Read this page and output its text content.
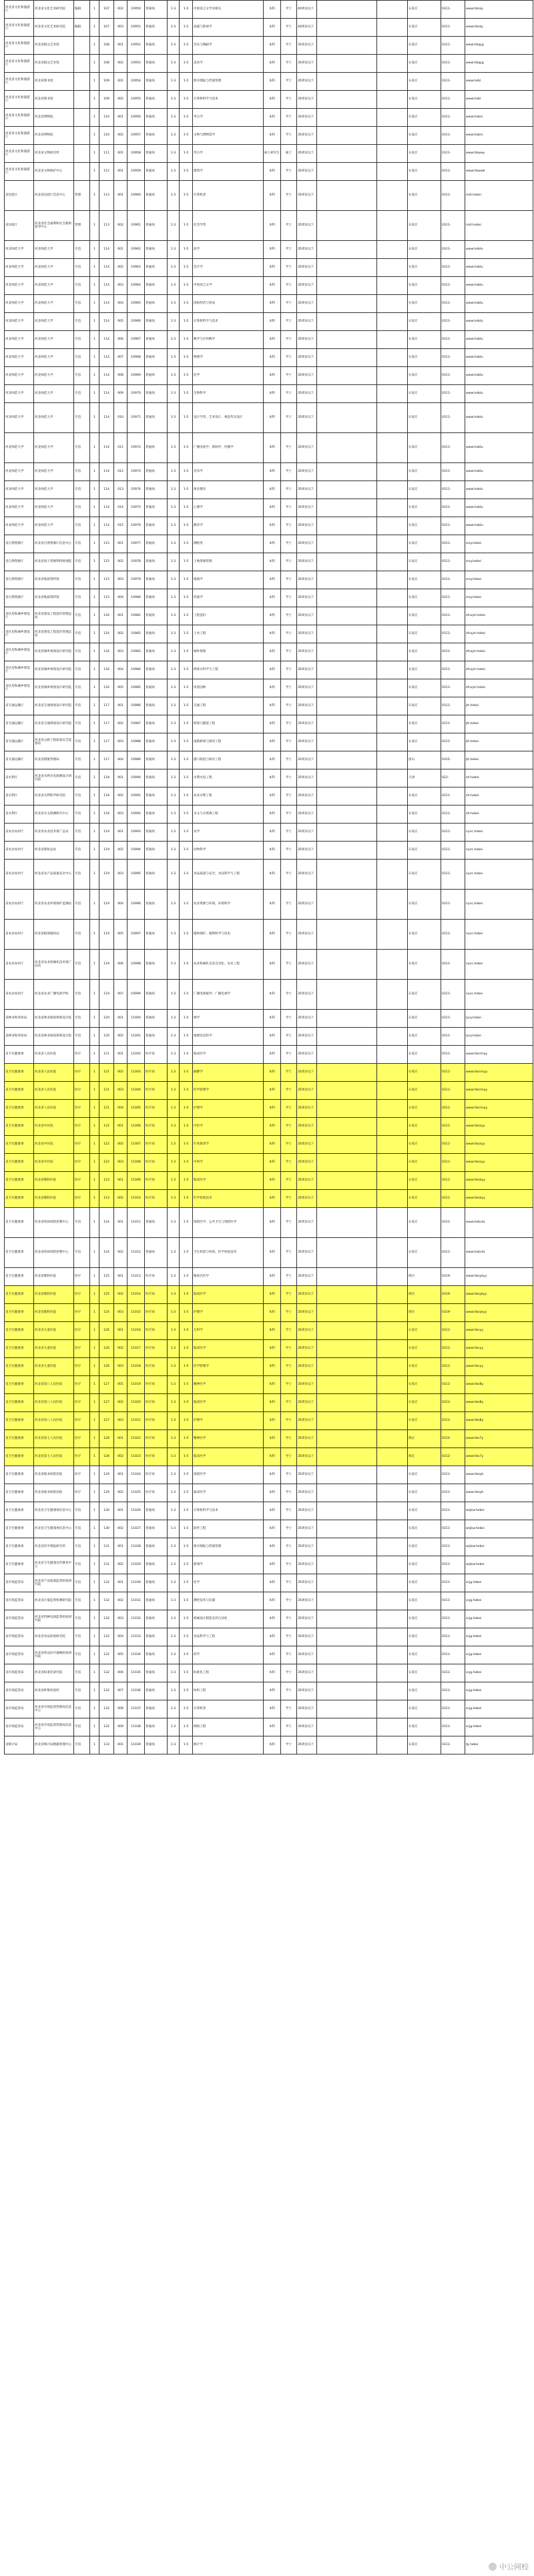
河北省文化和旅游厅	河北省文化艺术研究院	编辑	1	107	002	10950	普通岗	1:3	1-5	中国语言文学及相关	本科	学士	40周岁以下			石家庄	0311-	www.hbsky
河北省文化和旅游厅	河北省文化艺术研究院	编辑	1	107	003	10951	普通岗	1:3	1-5	戏剧与影视学	本科	学士	40周岁以下			石家庄	0311-	www.hbsky
河北省文化和旅游厅	河北省群众艺术馆		1	108	001	10952	普通岗	1:3	1-5	音乐与舞蹈学	本科	学士	35周岁以下			石家庄	0311-	www.hbqyg
河北省文化和旅游厅	河北省群众艺术馆		1	108	002	10953	普通岗	1:3	1-5	美术学	本科	学士	35周岁以下			石家庄	0311-	www.hbqyg
河北省文化和旅游厅	河北省图书馆		1	109	001	10954	普通岗	1:3	1-5	图书情报与档案管理	本科	学士	35周岁以下			石家庄	0311-	www.hebl
河北省文化和旅游厅	河北省图书馆		1	109	002	10955	普通岗	1:3	1-5	计算机科学与技术	本科	学士	35周岁以下			石家庄	0311-	www.hebl
河北省文化和旅游厅	河北省博物院		1	110	001	10956	普通岗	1:3	1-5	考古学	本科	学士	35周岁以下			石家庄	0311-	www.hebm
河北省文化和旅游厅	河北省博物院		1	110	002	10957	普通岗	1:3	1-5	文物与博物馆学	本科	学士	35周岁以下			石家庄	0311-	www.hebm
河北省文化和旅游厅	河北省文物研究所		1	111	001	10958	普通岗	1:3	1-5	考古学	硕士研究生	硕士	35周岁以下			石家庄	0311-	www.hbwwy
河北省文化和旅游厅	河北省文物保护中心		1	112	001	10959	普通岗	1:3	1-5	建筑学	本科	学士	35周岁以下			石家庄	0311-	www.hbwwb
省民政厅	河北省民政厅信息中心	管理	1	113	001	10960	普通岗	1:3	1-5	计算机类	本科	学士	35周岁以下			石家庄	0311-	mzt.hebei
省民政厅	河北省社会福利和社会救助指导中心	管理	1	113	002	10961	普通岗	1:3	1-5	社会学类	本科	学士	35周岁以下			石家庄	0311-	mzt.hebei
河北师范大学	河北师范大学	专技	1	114	001	10962	普通岗	1:3	1-5	法学	本科	学士	35周岁以下			石家庄	0311-	www.hebtu
河北师范大学	河北师范大学	专技	1	114	002	10963	普通岗	1:3	1-5	会计学	本科	学士	35周岁以下			石家庄	0311-	www.hebtu
河北师范大学	河北师范大学	专技	1	114	003	10964	普通岗	1:3	1-5	中国语言文学	本科	学士	35周岁以下			石家庄	0311-	www.hebtu
河北师范大学	河北师范大学	专技	1	114	004	10965	普通岗	1:3	1-5	国际经济与贸易	本科	学士	35周岁以下			石家庄	0311-	www.hebtu
河北师范大学	河北师范大学	专技	1	114	005	10966	普通岗	1:3	1-5	计算机科学与技术	本科	学士	35周岁以下			石家庄	0311-	www.hebtu
河北师范大学	河北师范大学	专技	1	114	006	10967	普通岗	1:3	1-5	数学与应用数学	本科	学士	35周岁以下			石家庄	0311-	www.hebtu
河北师范大学	河北师范大学	专技	1	114	007	10968	普通岗	1:3	1-5	物理学	本科	学士	35周岁以下			石家庄	0311-	www.hebtu
河北师范大学	河北师范大学	专技	1	114	008	10969	普通岗	1:3	1-5	化学	本科	学士	35周岁以下			石家庄	0311-	www.hebtu
河北师范大学	河北师范大学	专技	1	114	009	10970	普通岗	1:3	1-5	生物科学	本科	学士	35周岁以下			石家庄	0311-	www.hebtu
河北师范大学	河北师范大学	专技	1	114	010	10971	普通岗	1:3	1-5	设计学类、艺术设计、视觉传达设计	本科	学士	35周岁以下			石家庄	0311-	www.hebtu
河北师范大学	河北师范大学	专技	1	114	011	10972	普通岗	1:3	1-5	广播电视学、新闻学、传播学	本科	学士	35周岁以下			石家庄	0311-	www.hebtu
河北师范大学	河北师范大学	专技	1	114	012	10973	普通岗	1:3	1-5	音乐学	本科	学士	35周岁以下			石家庄	0311-	www.hebtu
河北师范大学	河北师范大学	专技	1	114	013	10974	普通岗	1:3	1-5	体育教育	本科	学士	35周岁以下			石家庄	0311-	www.hebtu
河北师范大学	河北师范大学	专技	1	114	014	10975	普通岗	1:3	1-5	心理学	本科	学士	35周岁以下			石家庄	0311-	www.hebtu
河北师范大学	河北师范大学	专技	1	114	015	10976	普通岗	1:3	1-5	教育学	本科	学士	35周岁以下			石家庄	0311-	www.hebtu
省自然资源厅	河北省自然资源厅信息中心	专技	1	115	001	10977	普通岗	1:3	1-5	测绘类	本科	学士	35周岁以下			石家庄	0311-	zrzy.hebei
省自然资源厅	河北省国土资源利用规划院	专技	1	115	002	10978	普通岗	1:3	1-5	土地资源管理	本科	学士	35周岁以下			石家庄	0311-	zrzy.hebei
省自然资源厅	河北省地质资料馆	专技	1	115	003	10979	普通岗	1:3	1-5	地质学	本科	学士	35周岁以下			石家庄	0311-	zrzy.hebei
省自然资源厅	河北省地质资料馆	专技	1	115	004	10980	普通岗	1:3	1-5	档案学	本科	学士	35周岁以下			石家庄	0311-	zrzy.hebei
省住房和城乡建设厅	河北省建设工程造价管理总站	专技	1	116	001	10981	普通岗	1:3	1-5	工程造价	本科	学士	35周岁以下			石家庄	0311-	zfcxjst.hebei
省住房和城乡建设厅	河北省建设工程造价管理总站	专技	1	116	002	10982	普通岗	1:3	1-5	土木工程	本科	学士	35周岁以下			石家庄	0311-	zfcxjst.hebei
省住房和城乡建设厅	河北省城乡规划设计研究院	专技	1	116	003	10983	普通岗	1:3	1-5	城乡规划	本科	学士	35周岁以下			石家庄	0311-	zfcxjst.hebei
省住房和城乡建设厅	河北省城乡规划设计研究院	专技	1	116	004	10984	普通岗	1:3	1-5	给排水科学与工程	本科	学士	35周岁以下			石家庄	0311-	zfcxjst.hebei
省住房和城乡建设厅	河北省城乡规划设计研究院	专技	1	116	005	10985	普通岗	1:3	1-5	风景园林	本科	学士	35周岁以下			石家庄	0311-	zfcxjst.hebei
省交通运输厅	河北省交通规划设计研究院	专技	1	117	001	10986	普通岗	1:3	1-5	交通工程	本科	学士	35周岁以下			石家庄	0311-	jtt.hebei
省交通运输厅	河北省交通规划设计研究院	专技	1	117	002	10987	普通岗	1:3	1-5	桥梁与隧道工程	本科	学士	35周岁以下			石家庄	0311-	jtt.hebei
省交通运输厅	河北省公路工程质量安全监督站	专技	1	117	003	10988	普通岗	1:3	1-5	道路桥梁与渡河工程	本科	学士	35周岁以下			石家庄	0311-	jtt.hebei
省交通运输厅	河北省港航管理局	专技	1	117	004	10989	普通岗	1:3	1-5	港口航道与海岸工程	本科	学士	35周岁以下			唐山	0315-	jtt.hebei
省水利厅	河北省水利水电勘测设计研究院	专技	1	118	001	10990	普通岗	1:3	1-5	水利水电工程	本科	学士	35周岁以下			天津	022-	slt.hebei
省水利厅	河北省水利科学研究院	专技	1	118	002	10991	普通岗	1:3	1-5	农业水利工程	本科	学士	35周岁以下			石家庄	0311-	slt.hebei
省水利厅	河北省水文勘测研究中心	专技	1	118	003	10992	普通岗	1:3	1-5	水文与水资源工程	本科	学士	35周岁以下			石家庄	0311-	slt.hebei
省农业农村厅	河北省农业技术推广总站	专技	1	119	001	10993	普通岗	1:3	1-5	农学	本科	学士	35周岁以下			石家庄	0311-	nync.hebei
省农业农村厅	河北省畜牧总站	专技	1	119	002	10994	普通岗	1:3	1-5	动物科学	本科	学士	35周岁以下			石家庄	0311-	nync.hebei
省农业农村厅	河北省农产品质量安全中心	专技	1	119	003	10995	普通岗	1:3	1-5	食品质量与安全、食品科学与工程	本科	学士	35周岁以下			石家庄	0311-	nync.hebei
省农业农村厅	河北省农业环境保护监测站	专技	1	119	004	10996	普通岗	1:3	1-5	农业资源与环境、环境科学	本科	学士	35周岁以下			石家庄	0311-	nync.hebei
省农业农村厅	河北省植保植检站	专技	1	119	005	10997	普通岗	1:3	1-5	植物保护、植物科学与技术	本科	学士	35周岁以下			石家庄	0311-	nync.hebei
省农业农村厅	河北省农业机械化技术推广总站	专技	1	119	006	10998	普通岗	1:3	1-5	农业机械化及其自动化、农业工程	本科	学士	35周岁以下			石家庄	0311-	nync.hebei
省农业农村厅	河北省农业广播电视学校	专技	1	119	007	10999	普通岗	1:3	1-5	广播电视编导、广播电视学	本科	学士	35周岁以下			石家庄	0311-	nync.hebei
省林业和草原局	河北省林业调查规划设计院	专技	1	120	001	11000	普通岗	1:3	1-5	林学	本科	学士	35周岁以下			石家庄	0311-	lycy.hebei
省林业和草原局	河北省林业调查规划设计院	专技	1	120	002	11001	普通岗	1:3	1-5	地理信息科学	本科	学士	35周岁以下			石家庄	0311-	lycy.hebei
省卫生健康委	河北省人民医院	医疗	1	121	001	11002	医疗岗	1:3	1-5	临床医学	本科	学士	35周岁以下			石家庄	0311-	www.hbsrmyy
省卫生健康委	河北省人民医院	医疗	1	121	002	11003	医疗岗	1:3	1-5	麻醉学	本科	学士	35周岁以下			石家庄	0311-	www.hbsrmyy
省卫生健康委	河北省人民医院	医疗	1	121	003	11004	医疗岗	1:3	1-5	医学影像学	本科	学士	35周岁以下			石家庄	0311-	www.hbsrmyy
省卫生健康委	河北省人民医院	医疗	1	121	004	11005	医疗岗	1:3	1-5	护理学	本科	学士	35周岁以下			石家庄	0311-	www.hbsrmyy
省卫生健康委	河北省中医院	医疗	1	122	001	11006	医疗岗	1:3	1-5	中医学	本科	学士	35周岁以下			石家庄	0311-	www.hbszyy
省卫生健康委	河北省中医院	医疗	1	122	002	11007	医疗岗	1:3	1-5	针灸推拿学	本科	学士	35周岁以下			石家庄	0311-	www.hbszyy
省卫生健康委	河北省中医院	医疗	1	122	003	11008	医疗岗	1:3	1-5	中药学	本科	学士	35周岁以下			石家庄	0311-	www.hbszyy
省卫生健康委	河北省胸科医院	医疗	1	123	001	11009	医疗岗	1:3	1-5	临床医学	本科	学士	35周岁以下			石家庄	0311-	www.hbxkyy
省卫生健康委	河北省胸科医院	医疗	1	123	002	11010	医疗岗	1:3	1-5	医学检验技术	本科	学士	35周岁以下			石家庄	0311-	www.hbxkyy
省卫生健康委	河北省疾病预防控制中心	专技	1	124	001	11011	普通岗	1:3	1-5	预防医学、公共卫生与预防医学	本科	学士	35周岁以下			石家庄	0311-	www.hebcdc
省卫生健康委	河北省疾病预防控制中心	专技	1	124	002	11012	普通岗	1:3	1-5	卫生检验与检疫、医学检验技术	本科	学士	35周岁以下			石家庄	0311-	www.hebcdc
省卫生健康委	河北省眼科医院	医疗	1	125	001	11013	医疗岗	1:3	1-5	眼视光医学	本科	学士	35周岁以下			邢台	0319-	www.hbsykyy
省卫生健康委	河北省眼科医院	医疗	1	125	002	11014	医疗岗	1:3	1-5	临床医学	本科	学士	35周岁以下			邢台	0319-	www.hbsykyy
省卫生健康委	河北省眼科医院	医疗	1	125	003	11015	医疗岗	1:3	1-5	护理学	本科	学士	35周岁以下			邢台	0319-	www.hbsykyy
省卫生健康委	河北省儿童医院	医疗	1	126	001	11016	医疗岗	1:3	1-5	儿科学	本科	学士	35周岁以下			石家庄	0311-	www.hbcyy
省卫生健康委	河北省儿童医院	医疗	1	126	002	11017	医疗岗	1:3	1-5	临床医学	本科	学士	35周岁以下			石家庄	0311-	www.hbcyy
省卫生健康委	河北省儿童医院	医疗	1	126	003	11018	医疗岗	1:3	1-5	医学影像学	本科	学士	35周岁以下			石家庄	0311-	www.hbcyy
省卫生健康委	河北省第八人民医院	医疗	1	127	001	11019	医疗岗	1:3	1-5	精神医学	本科	学士	35周岁以下			石家庄	0311-	www.hbs8y
省卫生健康委	河北省第八人民医院	医疗	1	127	002	11020	医疗岗	1:3	1-5	临床医学	本科	学士	35周岁以下			石家庄	0311-	www.hbs8y
省卫生健康委	河北省第八人民医院	医疗	1	127	003	11021	医疗岗	1:3	1-5	护理学	本科	学士	35周岁以下			石家庄	0311-	www.hbs8y
省卫生健康委	河北省第七人民医院	医疗	1	128	001	11022	医疗岗	1:3	1-5	精神医学	本科	学士	35周岁以下			保定	0312-	www.hbs7y
省卫生健康委	河北省第七人民医院	医疗	1	128	002	11023	医疗岗	1:3	1-5	临床医学	本科	学士	35周岁以下			保定	0312-	www.hbs7y
省卫生健康委	河北省职业病防治院	医疗	1	129	001	11024	医疗岗	1:3	1-5	预防医学	本科	学士	35周岁以下			石家庄	0311-	www.hbzyb
省卫生健康委	河北省职业病防治院	医疗	1	129	002	11025	医疗岗	1:3	1-5	临床医学	本科	学士	35周岁以下			石家庄	0311-	www.hbzyb
省卫生健康委	河北省卫生健康委信息中心	专技	1	130	001	11026	普通岗	1:3	1-5	计算机科学与技术	本科	学士	35周岁以下			石家庄	0311-	wsjkw.hebei
省卫生健康委	河北省卫生健康委信息中心	专技	1	130	002	11027	普通岗	1:3	1-5	软件工程	本科	学士	35周岁以下			石家庄	0311-	wsjkw.hebei
省卫生健康委	河北省医学情报研究所	专技	1	131	001	11028	普通岗	1:3	1-5	图书情报与档案管理	本科	学士	35周岁以下			石家庄	0311-	wsjkw.hebei
省卫生健康委	河北省卫生健康宣传教育中心	专技	1	131	002	11029	普通岗	1:3	1-5	新闻学	本科	学士	35周岁以下			石家庄	0311-	wsjkw.hebei
省市场监管局	河北省产品质量监督检验研究院	专技	1	132	001	11030	普通岗	1:3	1-5	化学	本科	学士	35周岁以下			石家庄	0311-	scjg.hebei
省市场监管局	河北省计量监督检测研究院	专技	1	132	002	11031	普通岗	1:3	1-5	测控技术与仪器	本科	学士	35周岁以下			石家庄	0311-	scjg.hebei
省市场监管局	河北省特种设备监督检验研究院	专技	1	132	003	11032	普通岗	1:3	1-5	机械设计制造及其自动化	本科	学士	35周岁以下			石家庄	0311-	scjg.hebei
省市场监管局	河北省食品检验研究院	专技	1	132	004	11033	普通岗	1:3	1-5	食品科学与工程	本科	学士	35周岁以下			石家庄	0311-	scjg.hebei
省市场监管局	河北省药品医疗器械检验研究院	专技	1	132	005	11034	普通岗	1:3	1-5	药学	本科	学士	35周岁以下			石家庄	0311-	scjg.hebei
省市场监管局	河北省标准化研究院	专技	1	132	006	11035	普通岗	1:3	1-5	标准化工程	本科	学士	35周岁以下			石家庄	0311-	scjg.hebei
省市场监管局	河北省纤维检验所	专技	1	132	007	11036	普通岗	1:3	1-5	纺织工程	本科	学士	35周岁以下			石家庄	0311-	scjg.hebei
省市场监管局	河北省市场监督管理局信息中心	专技	1	132	008	11037	普通岗	1:3	1-5	计算机类	本科	学士	35周岁以下			石家庄	0311-	scjg.hebei
省市场监管局	河北省市场监督管理局信息中心	专技	1	132	009	11038	普通岗	1:3	1-5	网络工程	本科	学士	35周岁以下			石家庄	0311-	scjg.hebei
省统计局	河北省统计局数据管理中心	专技	1	133	001	11039	普通岗	1:3	1-5	统计学	本科	学士	35周岁以下			石家庄	0311-	tjj.hebei
中公网校
